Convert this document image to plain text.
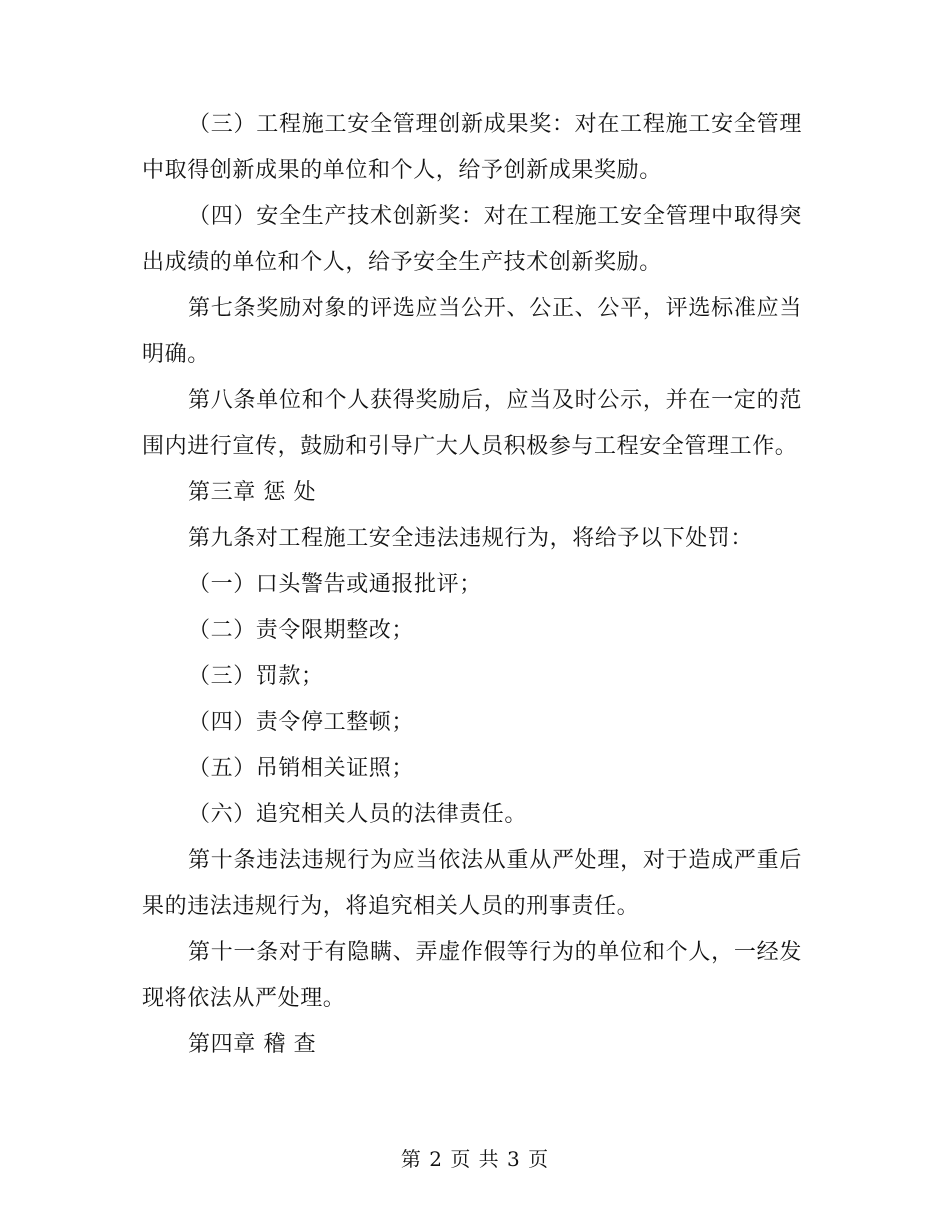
（三）工程施工安全管理创新成果奖：对在工程施工安全管理中取得创新成果的单位和个人，给予创新成果奖励。

（四）安全生产技术创新奖：对在工程施工安全管理中取得突出成绩的单位和个人，给予安全生产技术创新奖励。

第七条奖励对象的评选应当公开、公正、公平，评选标准应当明确。

第八条单位和个人获得奖励后，应当及时公示，并在一定的范围内进行宣传，鼓励和引导广大人员积极参与工程安全管理工作。

第三章 惩 处

第九条对工程施工安全违法违规行为，将给予以下处罚：

（一）口头警告或通报批评；

（二）责令限期整改；

（三）罚款；

（四）责令停工整顿；

（五）吊销相关证照；

（六）追究相关人员的法律责任。

第十条违法违规行为应当依法从重从严处理，对于造成严重后果的违法违规行为，将追究相关人员的刑事责任。

第十一条对于有隐瞒、弄虚作假等行为的单位和个人，一经发现将依法从严处理。

第四章 稽 查

第 2 页 共 3 页
